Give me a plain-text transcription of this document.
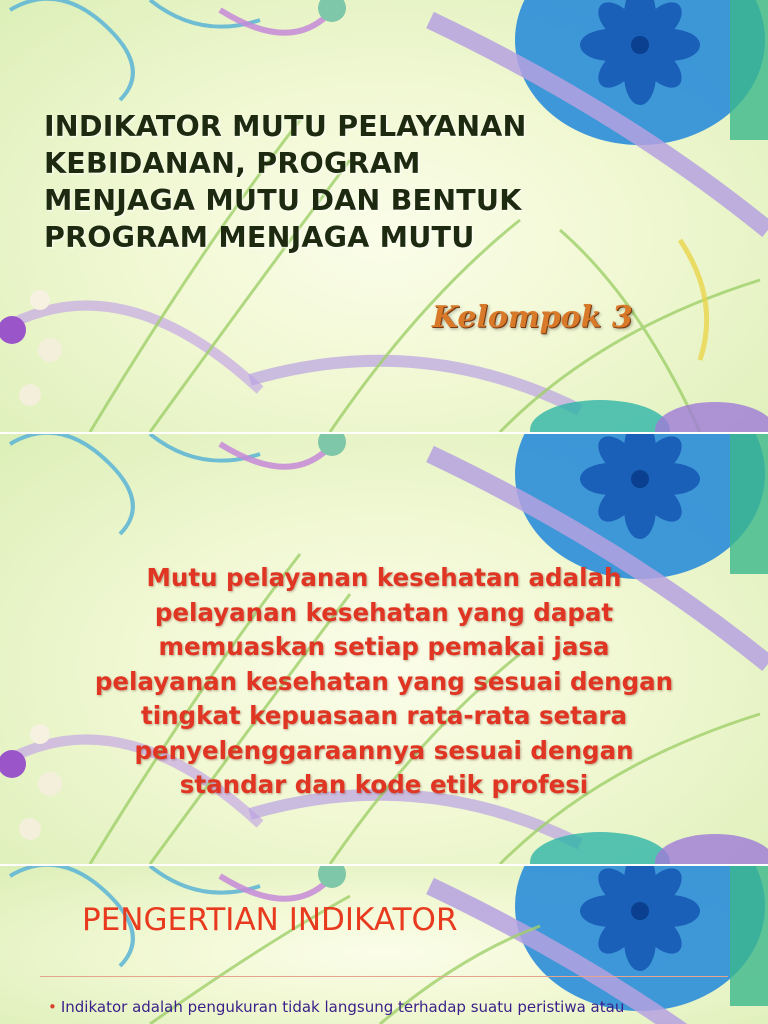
INDIKATOR MUTU PELAYANAN
KEBIDANAN, PROGRAM
MENJAGA MUTU DAN BENTUK
PROGRAM MENJAGA MUTU
Kelompok 3
Mutu pelayanan kesehatan adalah
pelayanan kesehatan yang dapat
memuaskan setiap pemakai jasa
pelayanan kesehatan yang sesuai dengan
tingkat kepuasaan rata-rata setara
penyelenggaraannya sesuai dengan
standar dan kode etik profesi
PENGERTIAN INDIKATOR
• Indikator adalah pengukuran tidak langsung terhadap suatu peristiwa atau
